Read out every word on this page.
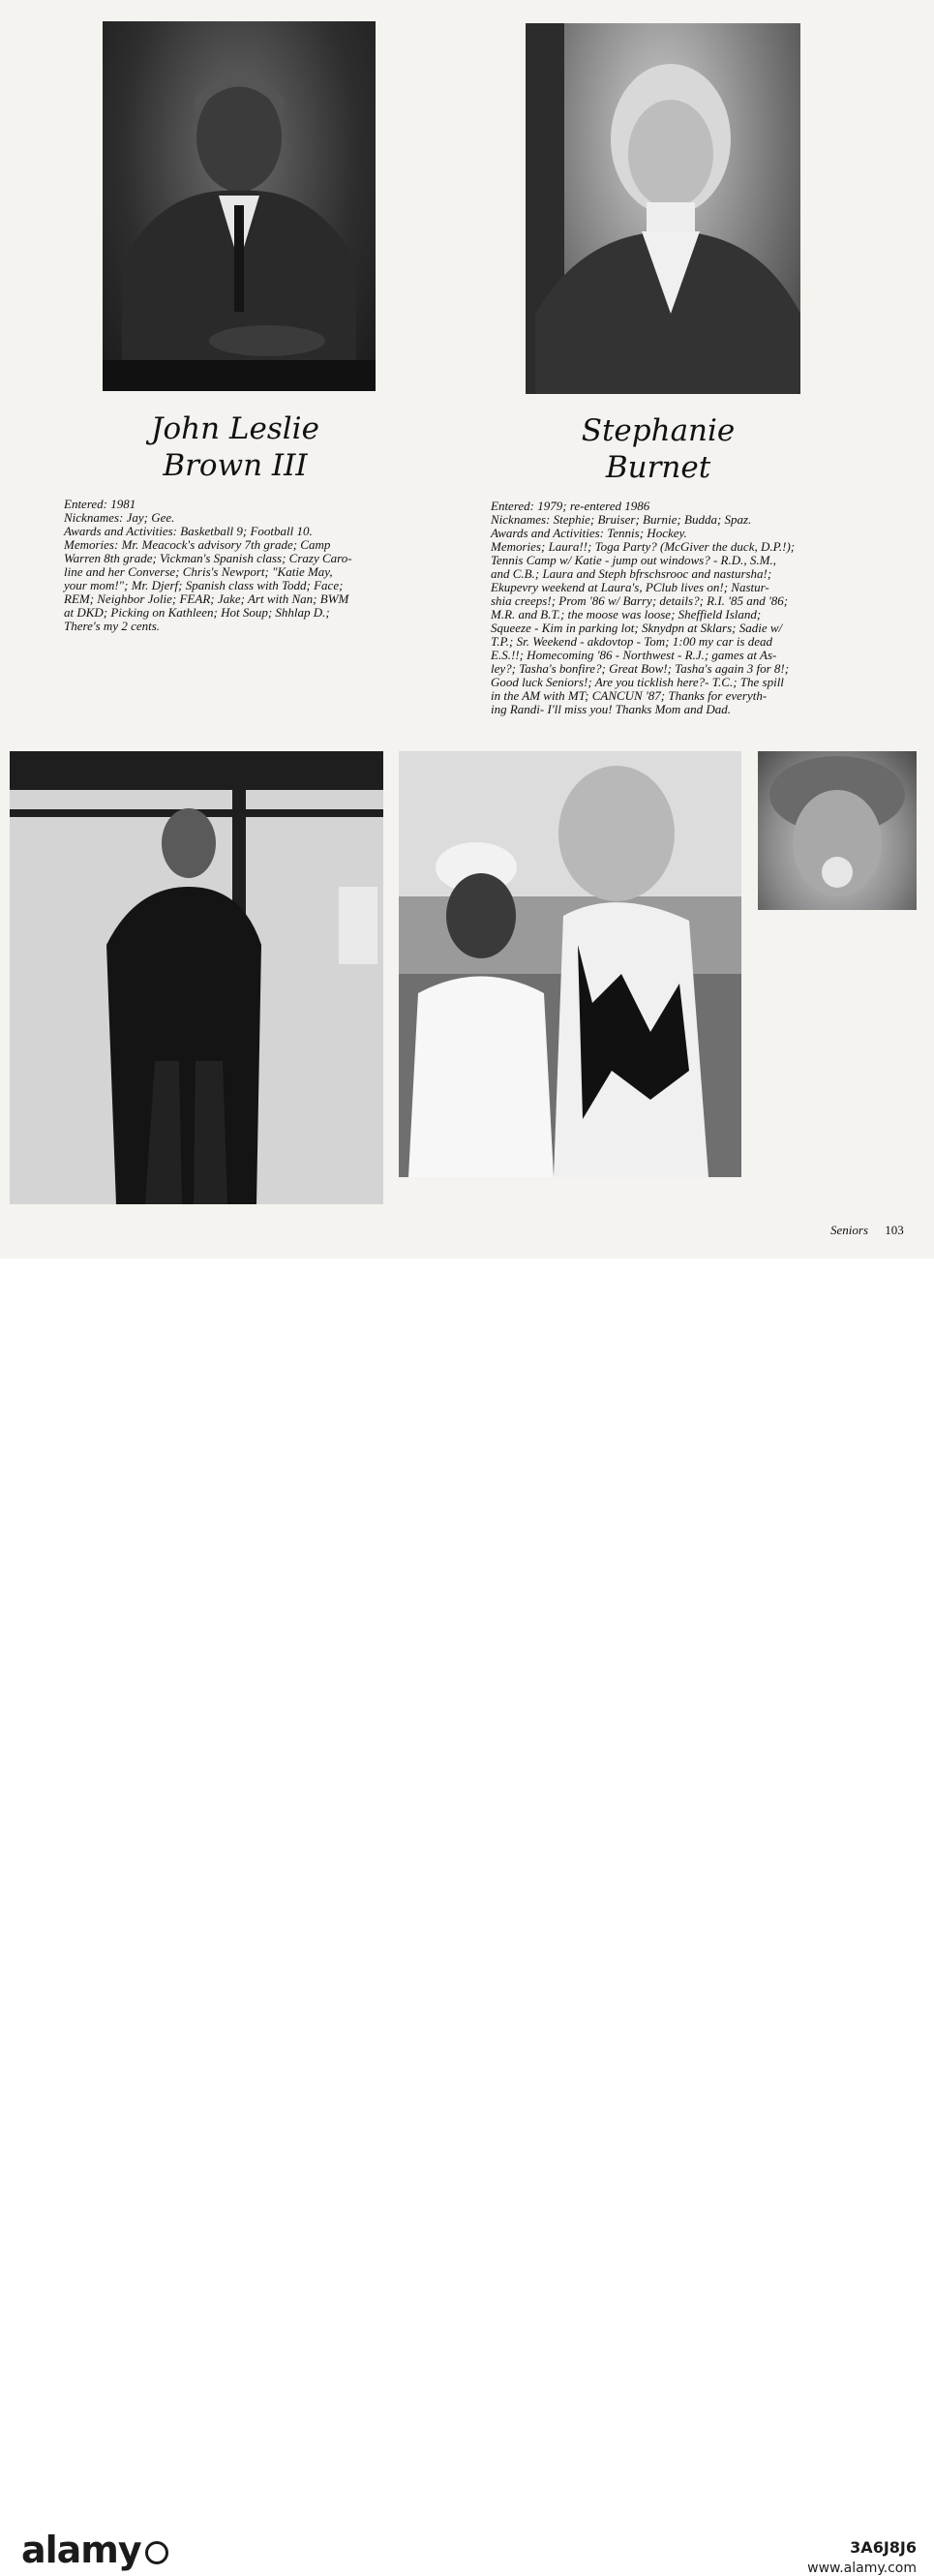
John Leslie
Brown III
Stephanie
Burnet
Entered: 1981
Nicknames: Jay; Gee.
Awards and Activities: Basketball 9; Football 10.
Memories: Mr. Meacock's advisory 7th grade; Camp
Warren 8th grade; Vickman's Spanish class; Crazy Caro-
line and her Converse; Chris's Newport; "Katie May,
your mom!"; Mr. Djerf; Spanish class with Todd; Face;
REM; Neighbor Jolie; FEAR; Jake; Art with Nan; BWM
at DKD; Picking on Kathleen; Hot Soup; Shhlap D.;
There's my 2 cents.
Entered: 1979; re-entered 1986
Nicknames: Stephie; Bruiser; Burnie; Budda; Spaz.
Awards and Activities: Tennis; Hockey.
Memories; Laura!!; Toga Party? (McGiver the duck, D.P.!);
Tennis Camp w/ Katie - jump out windows? - R.D., S.M.,
and C.B.; Laura and Steph bfrschsrooc and nastursha!;
Ekupevry weekend at Laura's, PClub lives on!; Nastur-
shia creeps!; Prom '86 w/ Barry; details?; R.I. '85 and '86;
M.R. and B.T.; the moose was loose; Sheffield Island;
Squeeze - Kim in parking lot; Sknydpn at Sklars; Sadie w/
T.P.; Sr. Weekend - akdovtop - Tom; 1:00 my car is dead
E.S.!!; Homecoming '86 - Northwest - R.J.; games at As-
ley?; Tasha's bonfire?; Great Bow!; Tasha's again 3 for 8!;
Good luck Seniors!; Are you ticklish here?- T.C.; The spill
in the AM with MT; CANCUN '87; Thanks for everyth-
ing Randi- I'll miss you! Thanks Mom and Dad.
Seniors 103
alamy	3A6J8J6
www.alamy.com
